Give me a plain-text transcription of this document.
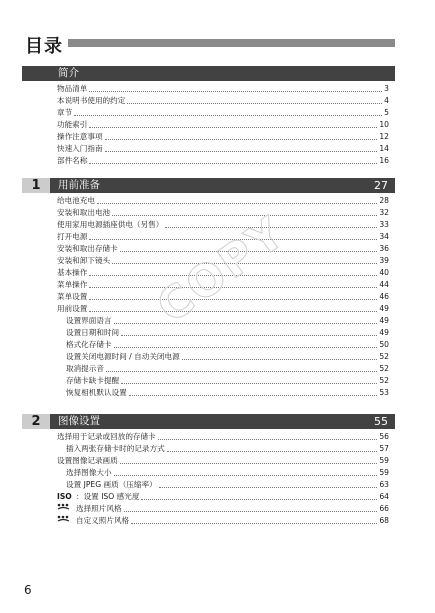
目录
简介
物品清单	3
本说明书使用的约定	4
章节	5
功能索引	10
操作注意事项	12
快速入门指南	14
部件名称	16
1	用前准备	27
给电池充电	28
安装和取出电池	32
使用家用电源插座供电（另售）	33
打开电源	34
安装和取出存储卡	36
安装和卸下镜头	39
基本操作	40
菜单操作	44
菜单设置	46
用前设置	49
设置界面语言	49
设置日期和时间	49
格式化存储卡	50
设置关闭电源时间 / 自动关闭电源	52
取消提示音	52
存储卡缺卡提醒	52
恢复相机默认设置	53
2	图像设置	55
选择用于记录或回放的存储卡	56
插入两张存储卡时的记录方式	57
设置图像记录画质	59
选择图像大小	59
设置 JPEG 画质（压缩率）	63
ISO ：设置 ISO 感光度	64
选择照片风格	66
自定义照片风格	68
COPY
6
